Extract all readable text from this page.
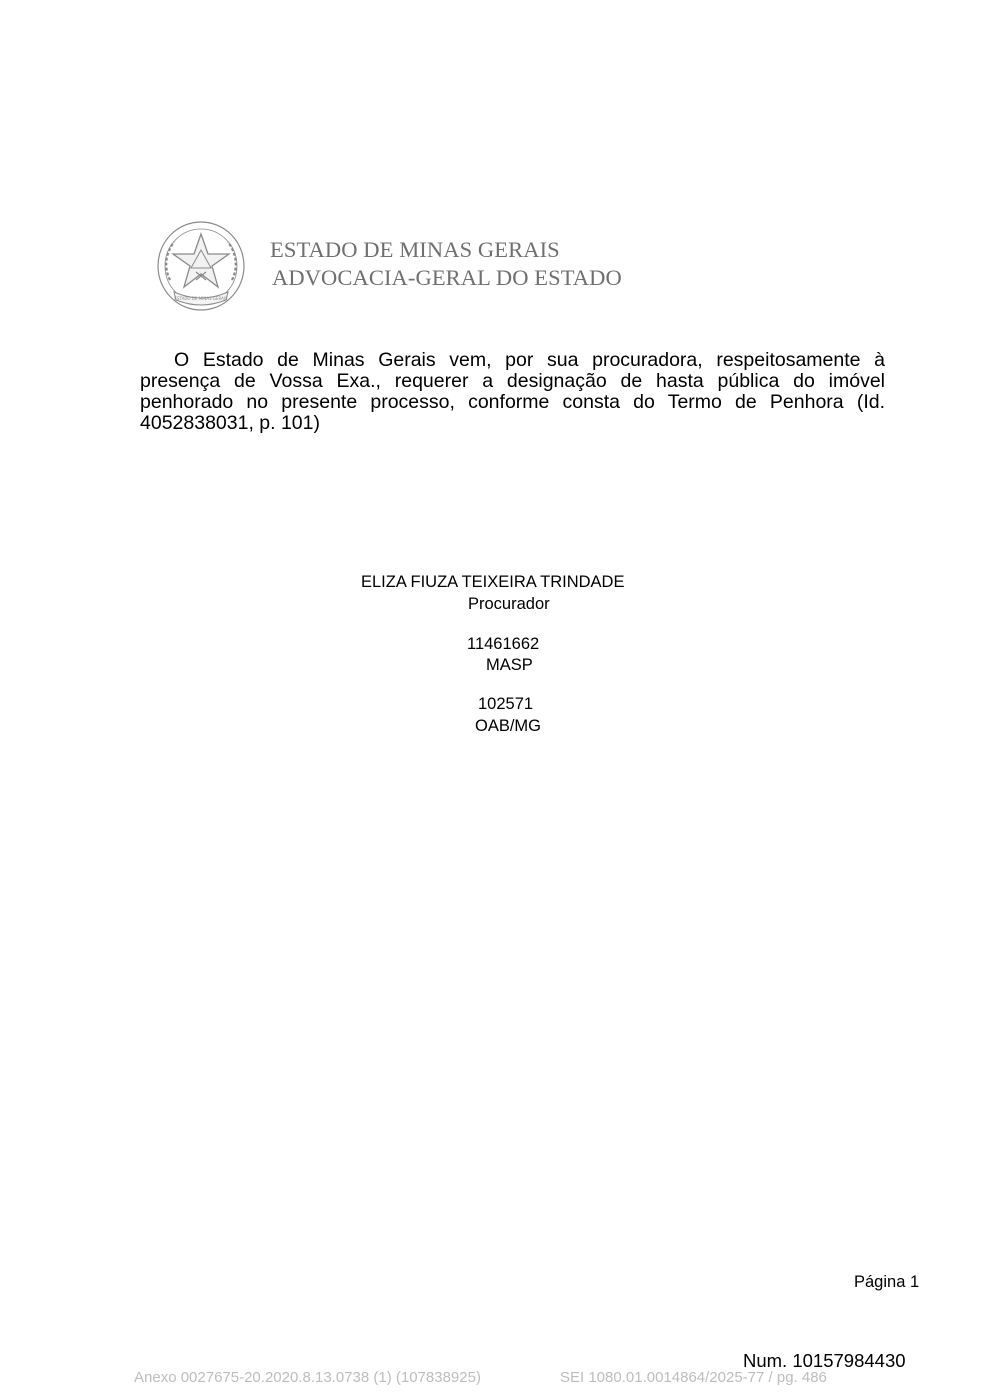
ESTADO DE MINAS GERAIS
ESTADO DE MINAS GERAIS
ADVOCACIA-GERAL DO ESTADO
O Estado de Minas Gerais vem, por sua procuradora, respeitosamente à presença de Vossa Exa., requerer a designação de hasta pública do imóvel penhorado no presente processo, conforme consta do Termo de Penhora (Id. 4052838031, p. 101)
ELIZA FIUZA TEIXEIRA TRINDADE
Procurador
11461662
MASP
102571
OAB/MG
Página 1
Num. 10157984430
Anexo 0027675-20.2020.8.13.0738 (1) (107838925)	SEI 1080.01.0014864/2025-77 / pg. 486
